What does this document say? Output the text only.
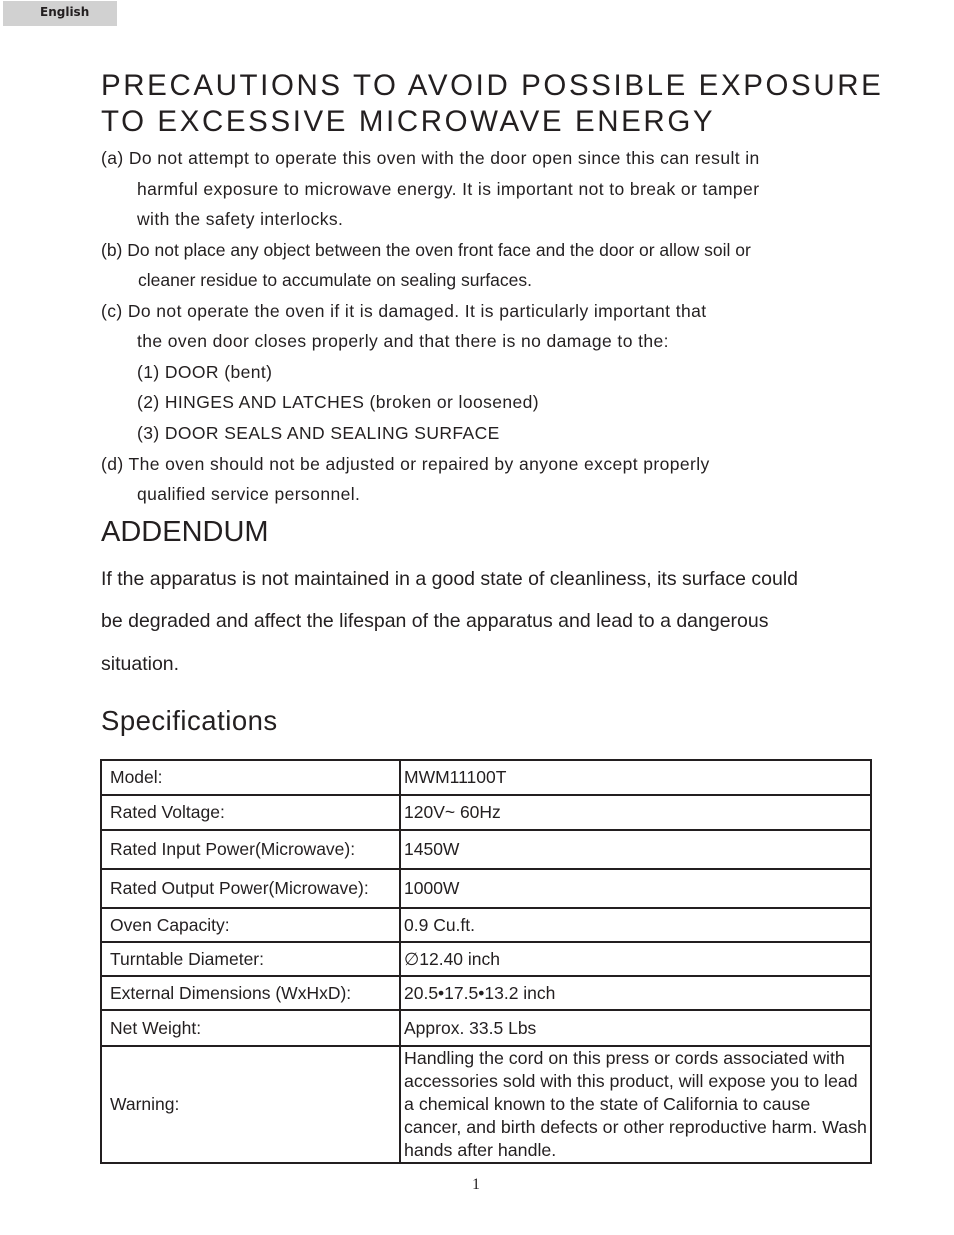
English
PRECAUTIONS TO AVOID POSSIBLE EXPOSURE
TO EXCESSIVE MICROWAVE ENERGY
(a) Do not attempt to operate this oven with the door open since this can result in
harmful exposure to microwave energy. It is important not to break or tamper
with the safety interlocks.
(b) Do not place any object between the oven front face and the door or allow soil or
cleaner residue to accumulate on sealing surfaces.
(c) Do not operate the oven if it is damaged. It is particularly important that
the oven door closes properly and that there is no damage to the:
(1) DOOR (bent)
(2) HINGES AND LATCHES (broken or loosened)
(3) DOOR SEALS AND SEALING SURFACE
(d) The oven should not be adjusted or repaired by anyone except properly
qualified service personnel.
ADDENDUM
If the apparatus is not maintained in a good state of cleanliness, its surface could
be degraded and affect the lifespan of the apparatus and lead to a dangerous
situation.
Specifications
Model:	MWM11100T
Rated Voltage:	120V~ 60Hz
Rated Input Power(Microwave):	1450W
Rated Output Power(Microwave):	1000W
Oven Capacity:	0.9 Cu.ft.
Turntable Diameter:	∅12.40 inch
External Dimensions (WxHxD):	20.5•17.5•13.2 inch
Net Weight:	Approx. 33.5 Lbs
Warning:	Handling the cord on this press or cords associated with accessories sold with this product, will expose you to lead a chemical known to the state of California to cause cancer, and birth defects or other reproductive harm. Wash hands after handle.
1
